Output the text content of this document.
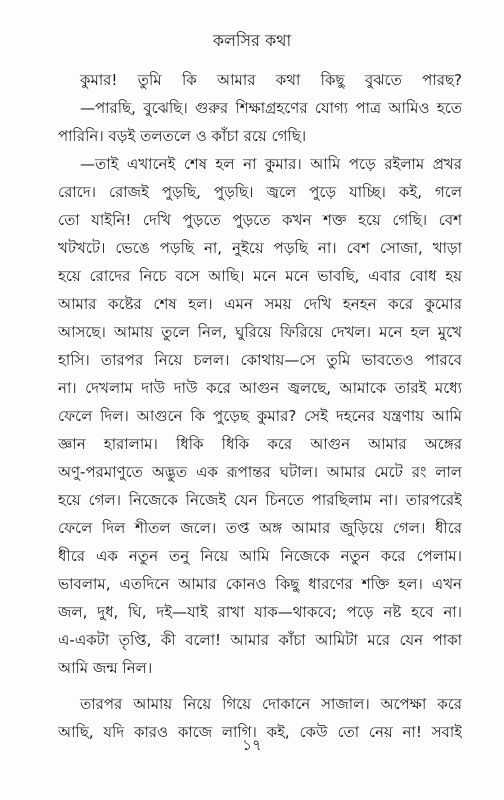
কলসির কথা
কুমার! তুমি কি আমার কথা কিছু বুঝতে পারছ?
—পারছি, বুঝেছি। গুরুর শিক্ষাগ্রহণের যোগ্য পাত্র আমিও হতে
পারিনি। বড়ই তলতলে ও কাঁচা রয়ে গেছি।
—তাই এখানেই শেষ হল না কুমার। আমি পড়ে রইলাম প্রখর
রোদে। রোজই পুড়ছি, পুড়ছি। জ্বলে পুড়ে যাচ্ছি। কই, গলে
তো যাইনি! দেখি পুড়তে পুড়তে কখন শক্ত হয়ে গেছি। বেশ
খটখটে। ভেঙে পড়ছি না, নুইয়ে পড়ছি না। বেশ সোজা, খাড়া
হয়ে রোদের নিচে বসে আছি। মনে মনে ভাবছি, এবার বোধ হয়
আমার কষ্টের শেষ হল। এমন সময় দেখি হনহন করে কুমোর
আসছে। আমায় তুলে নিল, ঘুরিয়ে ফিরিয়ে দেখল। মনে হল মুখে
হাসি। তারপর নিয়ে চলল। কোথায়—সে তুমি ভাবতেও পারবে
না। দেখলাম দাউ দাউ করে আগুন জ্বলছে, আমাকে তারই মধ্যে
ফেলে দিল। আগুনে কি পুড়েছ কুমার? সেই দহনের যন্ত্রণায় আমি
জ্ঞান হারালাম। ধিকি ধিকি করে আগুন আমার অঙ্গের
অণু-পরমাণুতে অদ্ভুত এক রূপান্তর ঘটাল। আমার মেটে রং লাল
হয়ে গেল। নিজেকে নিজেই যেন চিনতে পারছিলাম না। তারপরেই
ফেলে দিল শীতল জলে। তপ্ত অঙ্গ আমার জুড়িয়ে গেল। ধীরে
ধীরে এক নতুন তনু নিয়ে আমি নিজেকে নতুন করে পেলাম।
ভাবলাম, এতদিনে আমার কোনও কিছু ধারণের শক্তি হল। এখন
জল, দুধ, ঘি, দই—যাই রাখা যাক—থাকবে; পড়ে নষ্ট হবে না।
এ-একটা তৃপ্তি, কী বলো! আমার কাঁচা আমিটা মরে যেন পাকা
আমি জন্ম নিল।
তারপর আমায় নিয়ে গিয়ে দোকানে সাজাল। অপেক্ষা করে
আছি, যদি কারও কাজে লাগি। কই, কেউ তো নেয় না! সবাই
১৭
